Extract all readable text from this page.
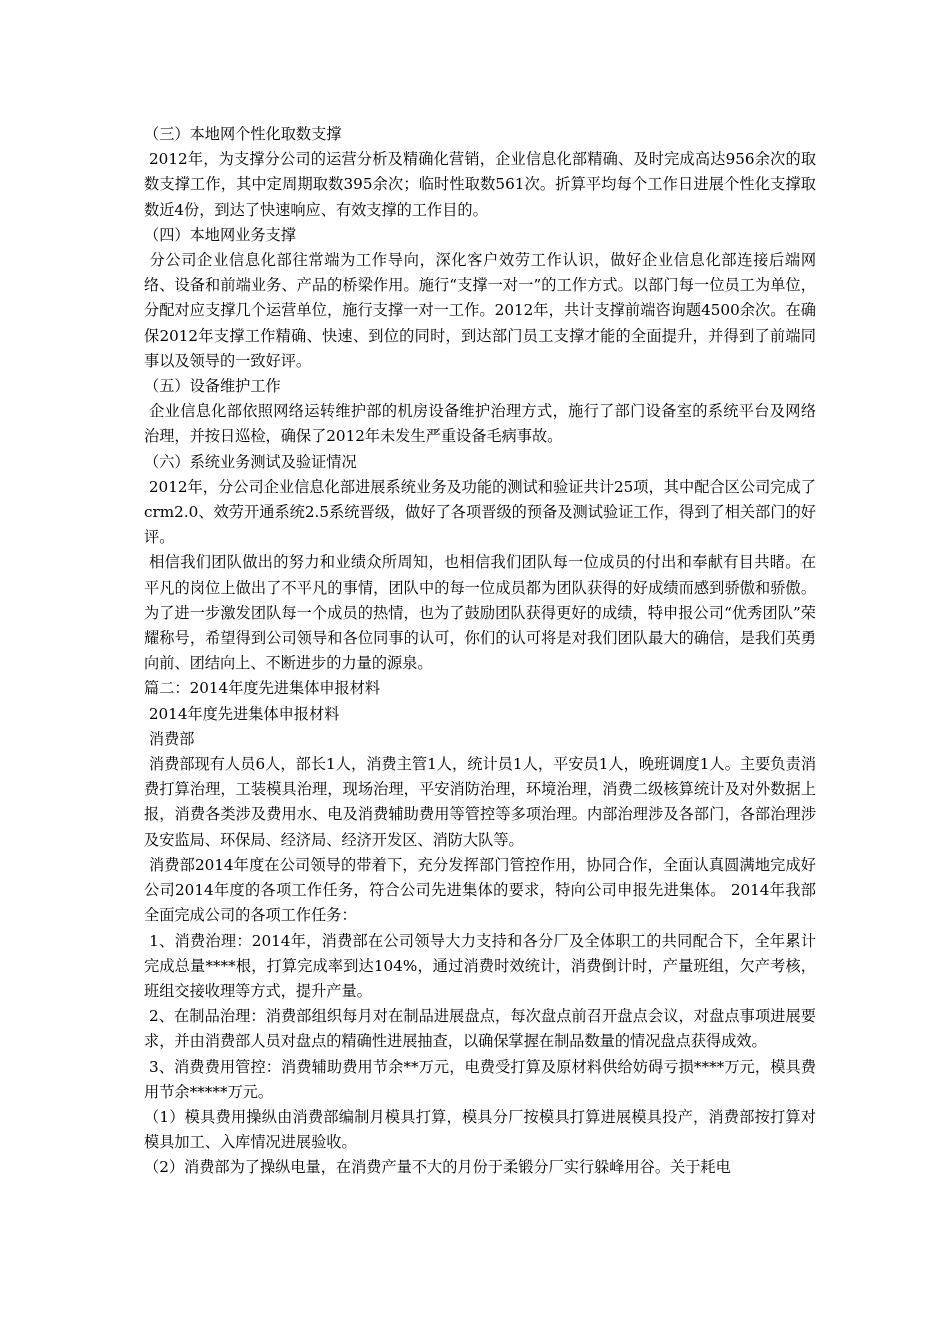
（三）本地网个性化取数支撑

2012年，为支撑分公司的运营分析及精确化营销，企业信息化部精确、及时完成高达956余次的取数支撑工作，其中定周期取数395余次；临时性取数561次。折算平均每个工作日进展个性化支撑取数近4份，到达了快速响应、有效支撑的工作目的。

（四）本地网业务支撑

分公司企业信息化部往常端为工作导向，深化客户效劳工作认识，做好企业信息化部连接后端网络、设备和前端业务、产品的桥梁作用。施行“支撑一对一”的工作方式。以部门每一位员工为单位，分配对应支撑几个运营单位，施行支撑一对一工作。2012年，共计支撑前端咨询题4500余次。在确保2012年支撑工作精确、快速、到位的同时，到达部门员工支撑才能的全面提升，并得到了前端同事以及领导的一致好评。

（五）设备维护工作

企业信息化部依照网络运转维护部的机房设备维护治理方式，施行了部门设备室的系统平台及网络治理，并按日巡检，确保了2012年未发生严重设备毛病事故。

（六）系统业务测试及验证情况

2012年，分公司企业信息化部进展系统业务及功能的测试和验证共计25项，其中配合区公司完成了crm2.0、效劳开通系统2.5系统晋级，做好了各项晋级的预备及测试验证工作，得到了相关部门的好评。

相信我们团队做出的努力和业绩众所周知，也相信我们团队每一位成员的付出和奉献有目共睹。在平凡的岗位上做出了不平凡的事情，团队中的每一位成员都为团队获得的好成绩而感到骄傲和骄傲。为了进一步激发团队每一个成员的热情，也为了鼓励团队获得更好的成绩，特申报公司“优秀团队”荣耀称号，希望得到公司领导和各位同事的认可，你们的认可将是对我们团队最大的确信，是我们英勇向前、团结向上、不断进步的力量的源泉。

篇二：2014年度先进集体申报材料

2014年度先进集体申报材料

消费部

消费部现有人员6人，部长1人，消费主管1人，统计员1人，平安员1人，晚班调度1人。主要负责消费打算治理，工装模具治理，现场治理，平安消防治理，环境治理，消费二级核算统计及对外数据上报，消费各类涉及费用水、电及消费辅助费用等管控等多项治理。内部治理涉及各部门，各部治理涉及安监局、环保局、经济局、经济开发区、消防大队等。

消费部2014年度在公司领导的带着下，充分发挥部门管控作用，协同合作，全面认真圆满地完成好公司2014年度的各项工作任务，符合公司先进集体的要求，特向公司申报先进集体。 2014年我部全面完成公司的各项工作任务：

1、消费治理：2014年，消费部在公司领导大力支持和各分厂及全体职工的共同配合下，全年累计完成总量****根，打算完成率到达104%，通过消费时效统计，消费倒计时，产量班组，欠产考核，班组交接收理等方式，提升产量。

2、在制品治理：消费部组织每月对在制品进展盘点，每次盘点前召开盘点会议，对盘点事项进展要求，并由消费部人员对盘点的精确性进展抽查，以确保掌握在制品数量的情况盘点获得成效。

3、消费费用管控：消费辅助费用节余**万元，电费受打算及原材料供给妨碍亏损****万元，模具费用节余*****万元。

（1）模具费用操纵由消费部编制月模具打算，模具分厂按模具打算进展模具投产，消费部按打算对模具加工、入库情况进展验收。

（2）消费部为了操纵电量，在消费产量不大的月份于柔锻分厂实行躲峰用谷。关于耗电
